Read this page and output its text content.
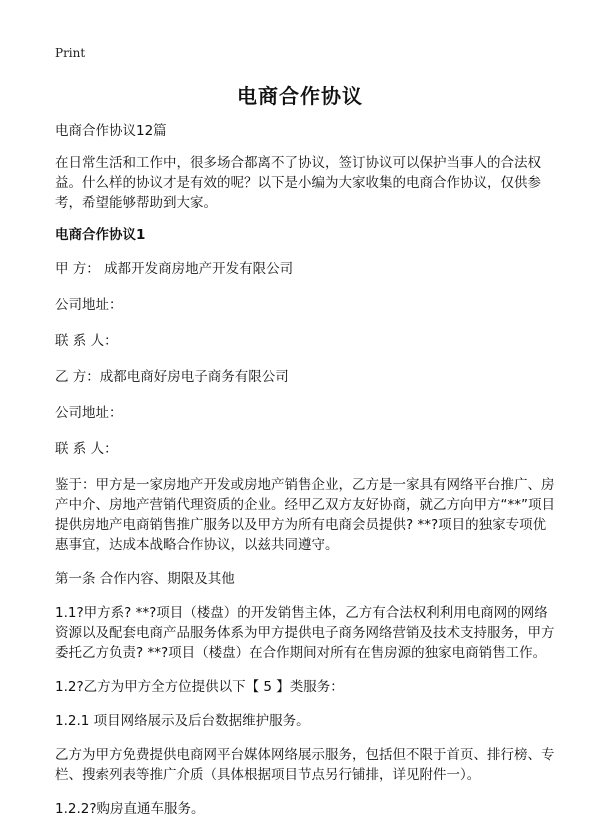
Print
电商合作协议

电商合作协议12篇

在日常生活和工作中，很多场合都离不了协议，签订协议可以保护当事人的合法权益。什么样的协议才是有效的呢？以下是小编为大家收集的电商合作协议，仅供参考，希望能够帮助到大家。

电商合作协议1

甲 方： 成都开发商房地产开发有限公司

公司地址：

联 系 人：

乙 方：成都电商好房电子商务有限公司

公司地址：

联 系 人：

鉴于：甲方是一家房地产开发或房地产销售企业，乙方是一家具有网络平台推广、房产中介、房地产营销代理资质的企业。经甲乙双方友好协商，就乙方向甲方“**”项目提供房地产电商销售推广服务以及甲方为所有电商会员提供? **?项目的独家专项优惠事宜，达成本战略合作协议，以兹共同遵守。

第一条 合作内容、期限及其他

1.1?甲方系? **?项目（楼盘）的开发销售主体，乙方有合法权利利用电商网的网络资源以及配套电商产品服务体系为甲方提供电子商务网络营销及技术支持服务，甲方委托乙方负责? **?项目（楼盘）在合作期间对所有在售房源的独家电商销售工作。

1.2?乙方为甲方全方位提供以下【 5 】类服务：

1.2.1 项目网络展示及后台数据维护服务。

乙方为甲方免费提供电商网平台媒体网络展示服务，包括但不限于首页、排行榜、专栏、搜索列表等推广介质（具体根据项目节点另行铺排，详见附件一）。

1.2.2?购房直通车服务。
